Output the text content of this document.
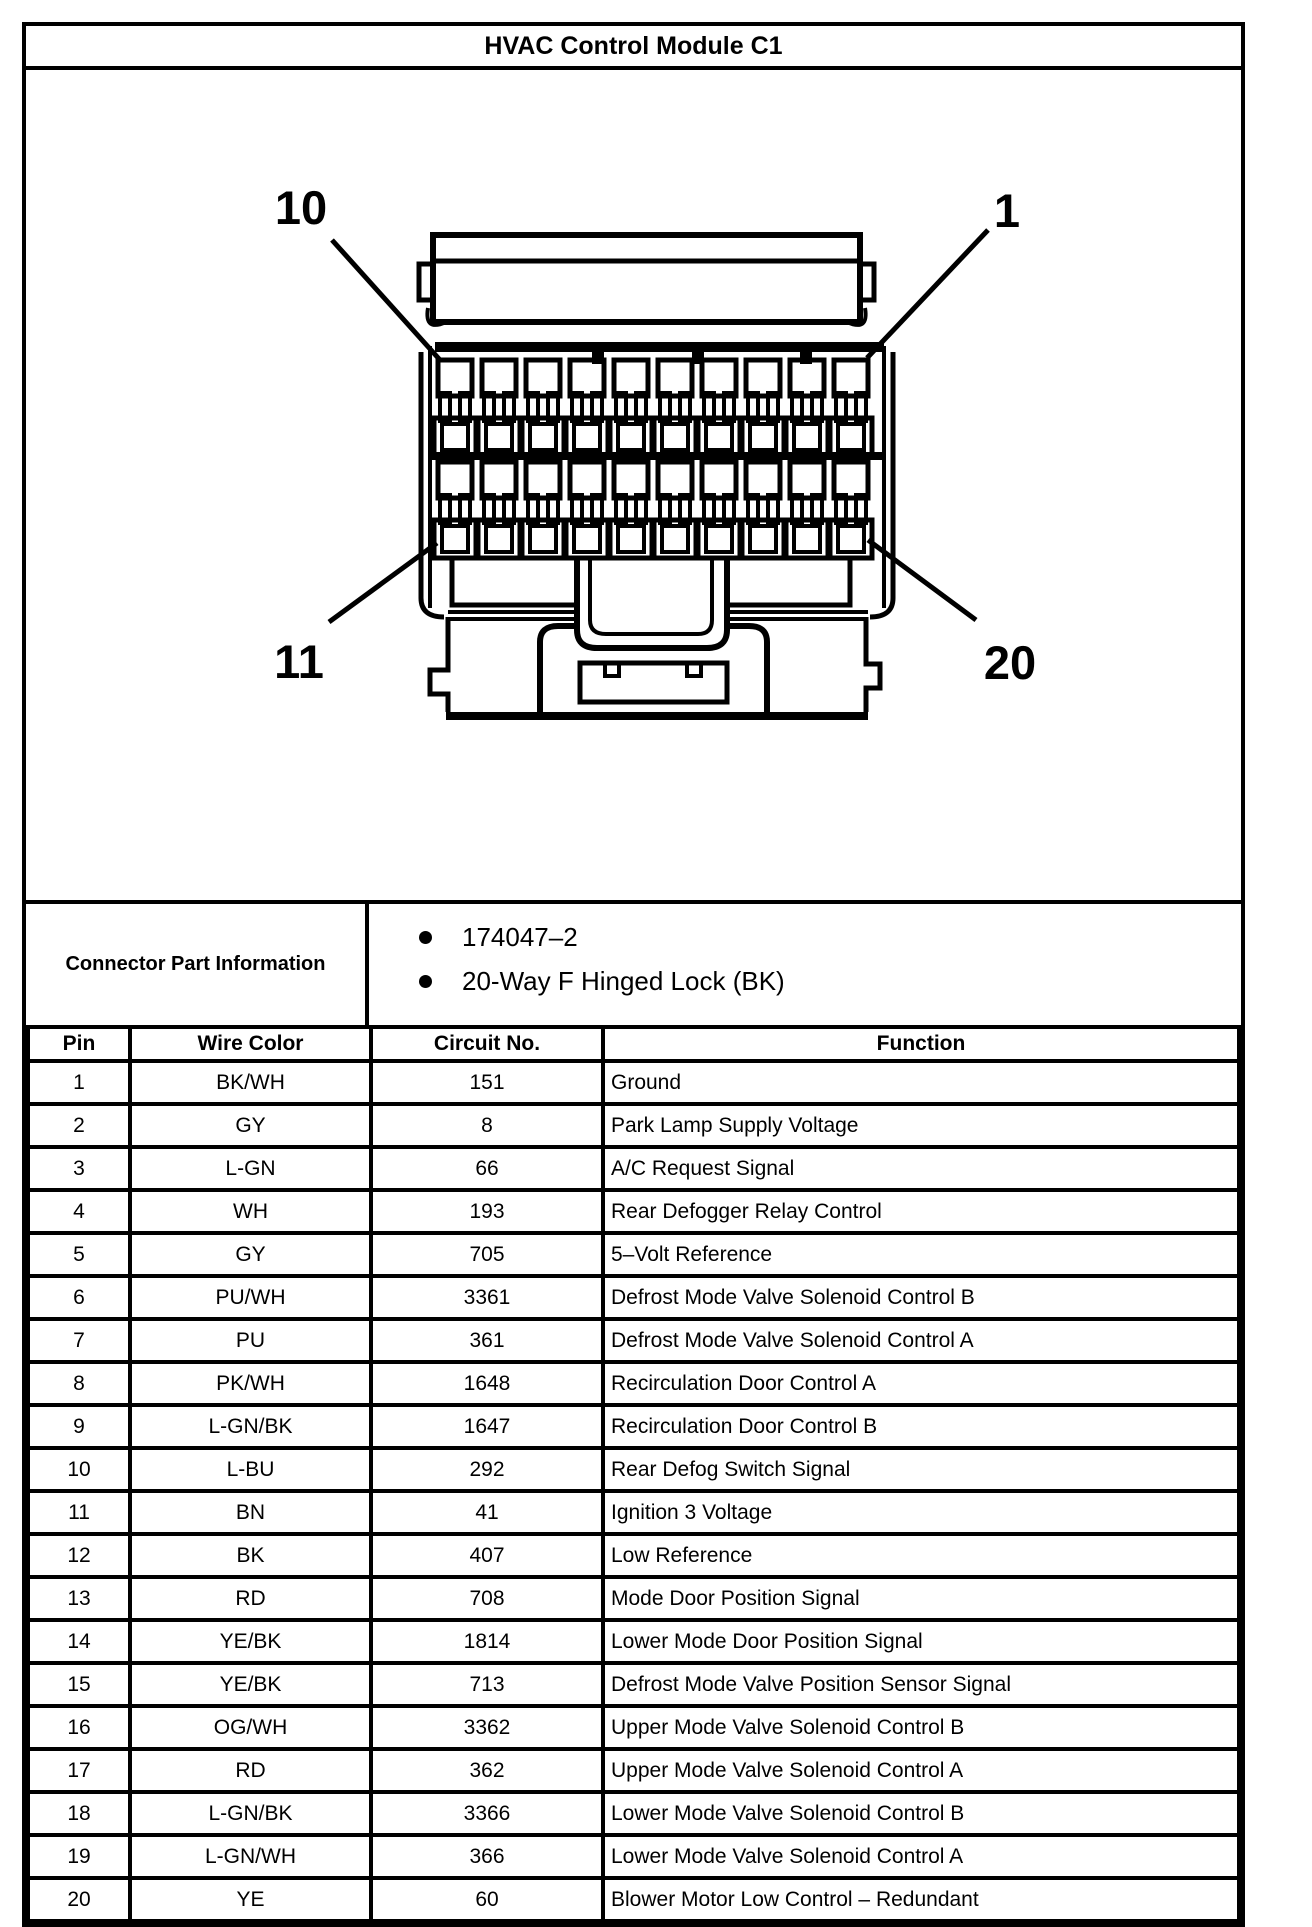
HVAC Control Module C1
10	1
11	20
Connector Part Information
174047–2
20-Way F Hinged Lock (BK)
Pin	Wire Color	Circuit No.	Function
1	BK/WH	151	Ground
2	GY	8	Park Lamp Supply Voltage
3	L-GN	66	A/C Request Signal
4	WH	193	Rear Defogger Relay Control
5	GY	705	5–Volt Reference
6	PU/WH	3361	Defrost Mode Valve Solenoid Control B
7	PU	361	Defrost Mode Valve Solenoid Control A
8	PK/WH	1648	Recirculation Door Control A
9	L-GN/BK	1647	Recirculation Door Control B
10	L-BU	292	Rear Defog Switch Signal
11	BN	41	Ignition 3 Voltage
12	BK	407	Low Reference
13	RD	708	Mode Door Position Signal
14	YE/BK	1814	Lower Mode Door Position Signal
15	YE/BK	713	Defrost Mode Valve Position Sensor Signal
16	OG/WH	3362	Upper Mode Valve Solenoid Control B
17	RD	362	Upper Mode Valve Solenoid Control A
18	L-GN/BK	3366	Lower Mode Valve Solenoid Control B
19	L-GN/WH	366	Lower Mode Valve Solenoid Control A
20	YE	60	Blower Motor Low Control – Redundant
